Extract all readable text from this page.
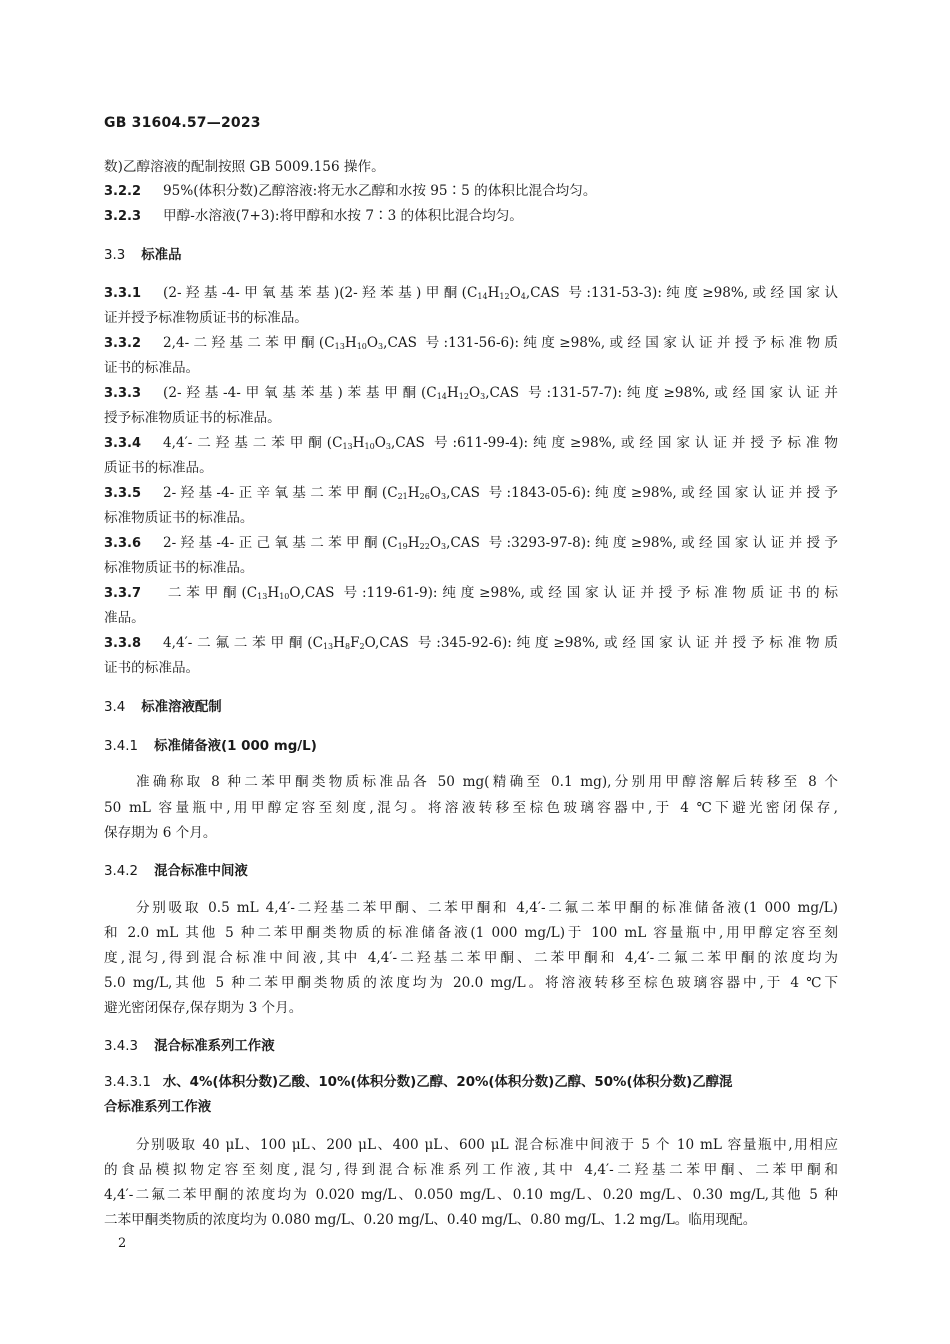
GB 31604.57—2023
数)乙醇溶液的配制按照 GB 5009.156 操作。
3.2.2 95%(体积分数)乙醇溶液:将无水乙醇和水按 95∶5 的体积比混合均匀。
3.2.3 甲醇-水溶液(7+3):将甲醇和水按 7∶3 的体积比混合均匀。
3.3 标准品
3.3.1 (2-羟基-4-甲氧基苯基)(2-羟苯基)甲酮($C_{14}H_{12}O_4,CAS$ 号:131-53-3):纯度≥98%,或经国家认
证并授予标准物质证书的标准品。
3.3.2 2,4-二羟基二苯甲酮($C_{13}H_{10}O_3,CAS$ 号:131-56-6):纯度≥98%,或经国家认证并授予标准物质
证书的标准品。
3.3.3 (2-羟基-4-甲氧基苯基)苯基甲酮($C_{14}H_{12}O_3,CAS$ 号:131-57-7):纯度≥98%,或经国家认证并
授予标准物质证书的标准品。
3.3.4 4,4′-二羟基二苯甲酮($C_{13}H_{10}O_3,CAS$ 号:611-99-4):纯度≥98%,或经国家认证并授予标准物
质证书的标准品。
3.3.5 2-羟基-4-正辛氧基二苯甲酮($C_{21}H_{26}O_3,CAS$ 号:1843-05-6):纯度≥98%,或经国家认证并授予
标准物质证书的标准品。
3.3.6 2-羟基-4-正己氧基二苯甲酮($C_{19}H_{22}O_3,CAS$ 号:3293-97-8):纯度≥98%,或经国家认证并授予
标准物质证书的标准品。
3.3.7 二苯甲酮($C_{13}H_{10}O,CAS$ 号:119-61-9):纯度≥98%,或经国家认证并授予标准物质证书的标
准品。
3.3.8 4,4′-二氟二苯甲酮($C_{13}H_8F_2O,CAS$ 号:345-92-6):纯度≥98%,或经国家认证并授予标准物质
证书的标准品。
3.4 标准溶液配制
3.4.1 标准储备液(1 000 mg/L)
准确称取 8 种二苯甲酮类物质标准品各 50 mg(精确至 0.1 mg),分别用甲醇溶解后转移至 8 个
50 mL 容量瓶中,用甲醇定容至刻度,混匀。将溶液转移至棕色玻璃容器中,于 4 ℃下避光密闭保存,
保存期为 6 个月。
3.4.2 混合标准中间液
分别吸取 0.5 mL 4,4′-二羟基二苯甲酮、二苯甲酮和 4,4′-二氟二苯甲酮的标准储备液(1 000 mg/L)
和 2.0 mL 其他 5 种二苯甲酮类物质的标准储备液(1 000 mg/L)于 100 mL 容量瓶中,用甲醇定容至刻
度,混匀,得到混合标准中间液,其中 4,4′-二羟基二苯甲酮、二苯甲酮和 4,4′-二氟二苯甲酮的浓度均为
5.0 mg/L,其他 5 种二苯甲酮类物质的浓度均为 20.0 mg/L。将溶液转移至棕色玻璃容器中,于 4 ℃下
避光密闭保存,保存期为 3 个月。
3.4.3 混合标准系列工作液
3.4.3.1 水、4%(体积分数)乙酸、10%(体积分数)乙醇、20%(体积分数)乙醇、50%(体积分数)乙醇混
合标准系列工作液
分别吸取 40 μL、100 μL、200 μL、400 μL、600 μL 混合标准中间液于 5 个 10 mL 容量瓶中,用相应
的食品模拟物定容至刻度,混匀,得到混合标准系列工作液,其中 4,4′-二羟基二苯甲酮、二苯甲酮和
4,4′-二氟二苯甲酮的浓度均为 0.020 mg/L、0.050 mg/L、0.10 mg/L、0.20 mg/L、0.30 mg/L,其他 5 种
二苯甲酮类物质的浓度均为 0.080 mg/L、0.20 mg/L、0.40 mg/L、0.80 mg/L、1.2 mg/L。临用现配。
2
